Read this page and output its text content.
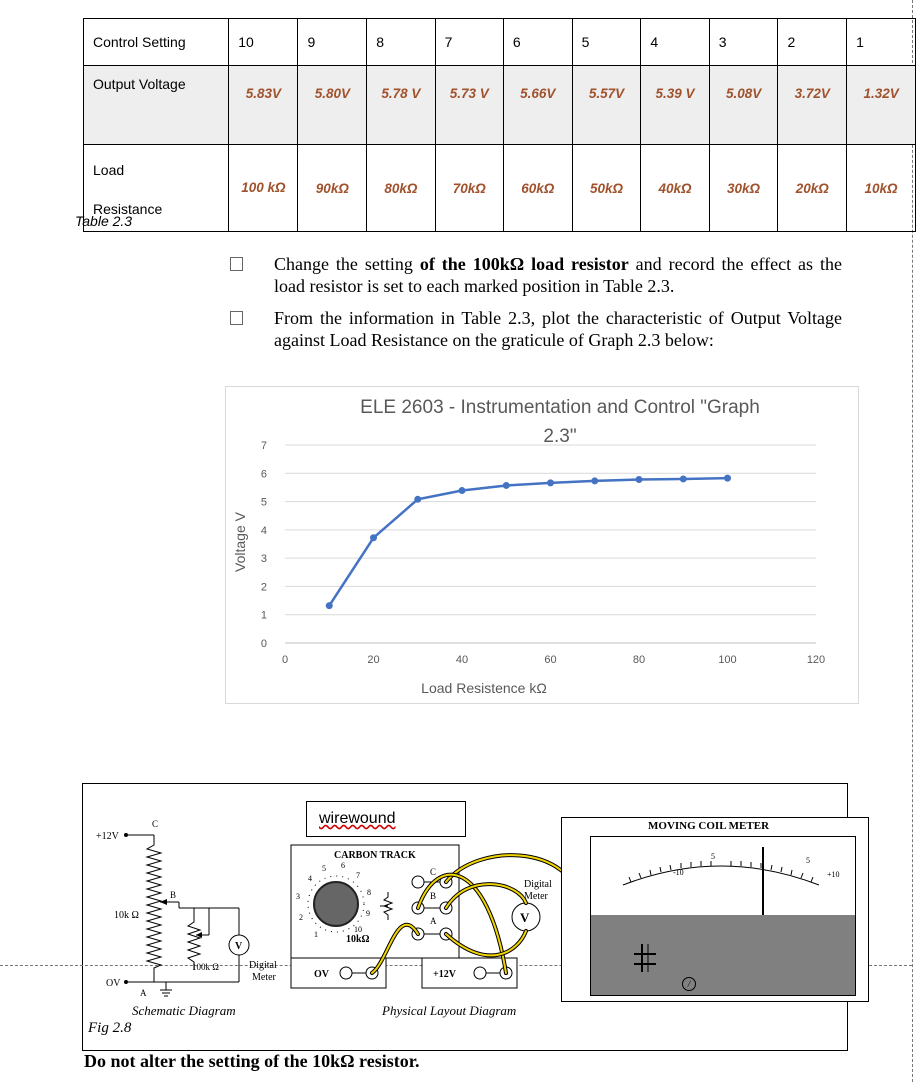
Control Setting	10	9	8	7	6	5	4	3	2	1
Output Voltage	5.83V	5.80V	5.78 V	5.73 V	5.66V	5.57V	5.39 V	5.08V	3.72V	1.32V
Load
Resistance	100 kΩ	90kΩ	80kΩ	70kΩ	60kΩ	50kΩ	40kΩ	30kΩ	20kΩ	10kΩ
Table 2.3
Change the setting of the 100kΩ load resistor and record the effect as the load resistor is set to each marked position in Table 2.3.
From the information in Table 2.3, plot the characteristic of Output Voltage against Load Resistance on the graticule of Graph 2.3 below:
ELE 2603 - Instrumentation and Control "Graph
2.3"
0
1
2
3
4
5
6
7
0	20	40	60	80	100	120
Load Resistence kΩ
Voltage V
+12V
C
10k Ω
B
100k Ω
V
Digital
Meter
OV
A
Schematic Diagram
Fig 2.8
wirewound
CARBON TRACK
1
2
3
4
5 6
7
8
9
10
10kΩ
C
B
A
OV	+12V
Digital
Meter
V
Physical Layout Diagram
MOVING COIL METER
-10
5	5
+10
/
Do not alter the setting of the 10kΩ resistor.
